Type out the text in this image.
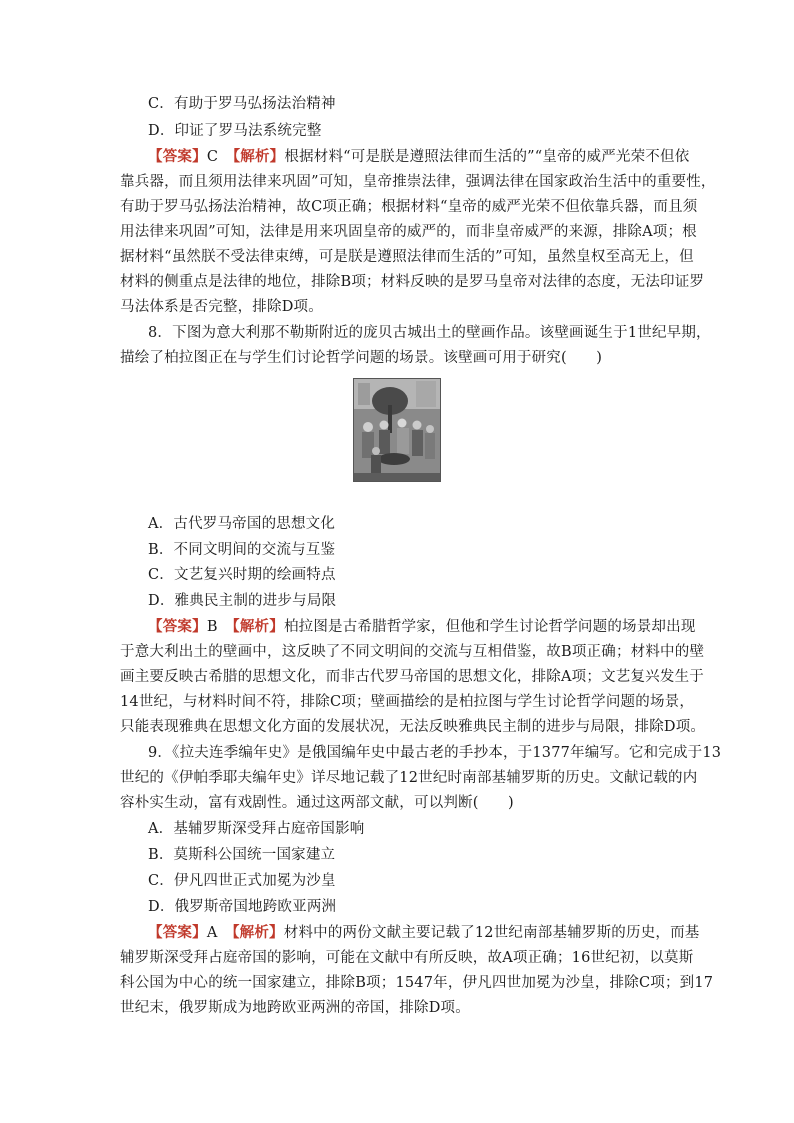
C．有助于罗马弘扬法治精神
D．印证了罗马法系统完整
【答案】C　 【解析】根据材料“可是朕是遵照法律而生活的”“皇帝的威严光荣不但依
靠兵器，而且须用法律来巩固”可知，皇帝推崇法律，强调法律在国家政治生活中的重要性，
有助于罗马弘扬法治精神，故C项正确；根据材料“皇帝的威严光荣不但依靠兵器，而且须
用法律来巩固”可知，法律是用来巩固皇帝的威严的，而非皇帝威严的来源，排除A项；根
据材料“虽然朕不受法律束缚，可是朕是遵照法律而生活的”可知，虽然皇权至高无上，但
材料的侧重点是法律的地位，排除B项；材料反映的是罗马皇帝对法律的态度，无法印证罗
马法体系是否完整，排除D项。
8．下图为意大利那不勒斯附近的庞贝古城出土的壁画作品。该壁画诞生于1世纪早期，
描绘了柏拉图正在与学生们讨论哲学问题的场景。该壁画可用于研究(　　)
A．古代罗马帝国的思想文化
B．不同文明间的交流与互鉴
C．文艺复兴时期的绘画特点
D．雅典民主制的进步与局限
【答案】B　 【解析】柏拉图是古希腊哲学家，但他和学生讨论哲学问题的场景却出现
于意大利出土的壁画中，这反映了不同文明间的交流与互相借鉴，故B项正确；材料中的壁
画主要反映古希腊的思想文化，而非古代罗马帝国的思想文化，排除A项；文艺复兴发生于
14世纪，与材料时间不符，排除C项；壁画描绘的是柏拉图与学生讨论哲学问题的场景，
只能表现雅典在思想文化方面的发展状况，无法反映雅典民主制的进步与局限，排除D项。
9．《拉夫连季编年史》是俄国编年史中最古老的手抄本，于1377年编写。它和完成于13
世纪的《伊帕季耶夫编年史》详尽地记载了12世纪时南部基辅罗斯的历史。文献记载的内
容朴实生动，富有戏剧性。通过这两部文献，可以判断(　　)
A．基辅罗斯深受拜占庭帝国影响
B．莫斯科公国统一国家建立
C．伊凡四世正式加冕为沙皇
D．俄罗斯帝国地跨欧亚两洲
【答案】A　 【解析】材料中的两份文献主要记载了12世纪南部基辅罗斯的历史，而基
辅罗斯深受拜占庭帝国的影响，可能在文献中有所反映，故A项正确；16世纪初，以莫斯
科公国为中心的统一国家建立，排除B项；1547年，伊凡四世加冕为沙皇，排除C项；到17
世纪末，俄罗斯成为地跨欧亚两洲的帝国，排除D项。
